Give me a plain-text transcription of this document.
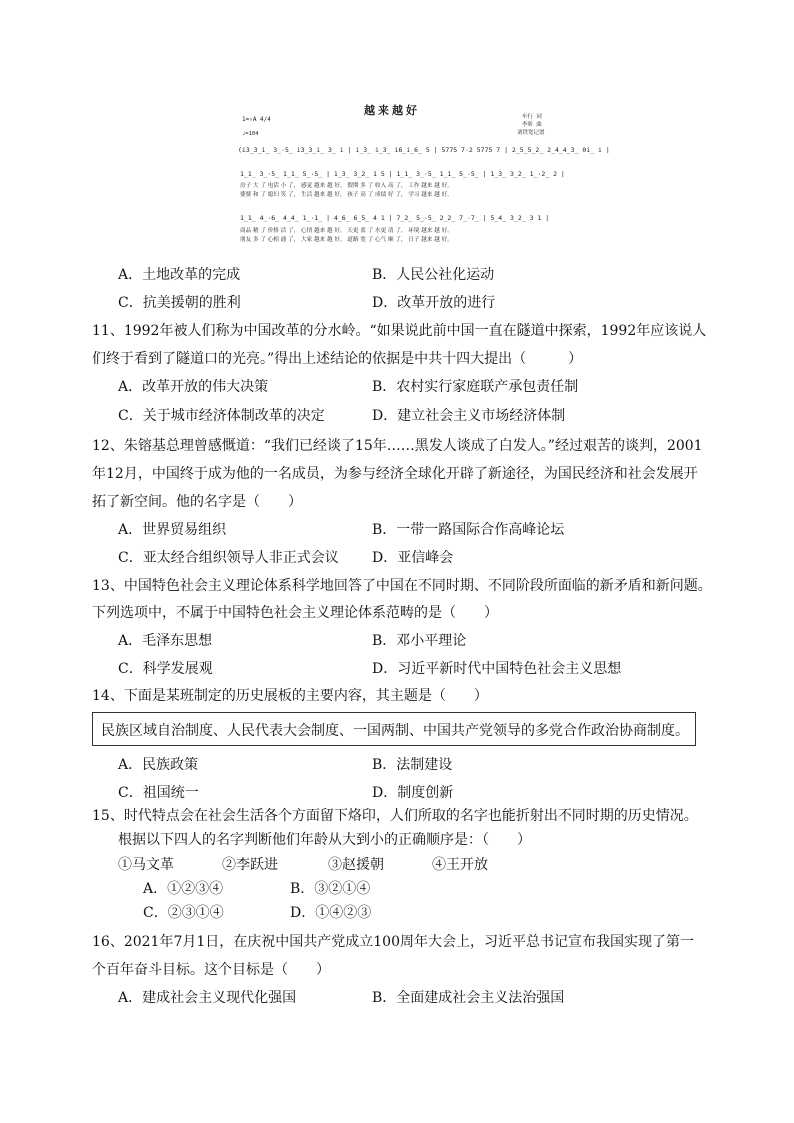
越来越好
1=♭A 4/4
♩=104
车行 词
李昕 曲
刘铁宽记谱
(i3̲3̲i̲ 3̲·5̲ i3̲3̲i̲ 3̲ i | i̲3̲ i̲3̲ i6̲i̲6̲ 5 | 5775 7·2 5775 7 | 2̲5̲5̲2̲ 2̲4̲4̲3̲ 0i̲ i |
1̲1̲ 3̲·5̲ 1̲1̲ 5̲·5̲ | 1̲3̲ 3̲2̲ 1 5 | 1̲1̲ 3̲·5̲ 1̲1̲ 5̲·5̲ | 1̲3̲ 3̲2̲ 1̲·2̲ 2 |
房子 大 了 电话 小 了， 感觉 越来 越 好。 假期 多 了 收入 高 了， 工作 越来 越 好。
婆婆 和 了 媳妇 笑 了， 生活 越来 越 好。 孩子 高 了 成绩 好 了， 学习 越来 越 好。
1̲1̲ 4̲·6̲ 4̲4̲ 1̲·1̲ | 4̲6̲ 6̲5̲ 4 1 | 7̲2̲ 5̲·5̲ 2̲2̲ 7̲·7̲ | 5̲4̲ 3̲2̲ 3 1 |
商品 精 了 价格 活 了， 心情 越来 越 好。 天更 蓝 了 水更 清 了， 环境 越来 越 好。
朋友 多 了 心相 通 了， 大家 越来 越 好。 道路 宽 了 心气 顺 了， 日子 越来 越 好。
A．土地改革的完成	B．人民公社化运动
C．抗美援朝的胜利	D．改革开放的进行
11、1992年被人们称为中国改革的分水岭。“如果说此前中国一直在隧道中探索，1992年应该说人
们终于看到了隧道口的光亮。”得出上述结论的依据是中共十四大提出（　　　）
A．改革开放的伟大决策	B．农村实行家庭联产承包责任制
C．关于城市经济体制改革的决定	D．建立社会主义市场经济体制
12、朱镕基总理曾感慨道：“我们已经谈了15年……黑发人谈成了白发人。”经过艰苦的谈判，2001
年12月，中国终于成为他的一名成员，为参与经济全球化开辟了新途径，为国民经济和社会发展开
拓了新空间。他的名字是（　　）
A．世界贸易组织	B．一带一路国际合作高峰论坛
C．亚太经合组织领导人非正式会议 D．亚信峰会
13、中国特色社会主义理论体系科学地回答了中国在不同时期、不同阶段所面临的新矛盾和新问题。
下列选项中，不属于中国特色社会主义理论体系范畴的是（　　）
A．毛泽东思想	B．邓小平理论
C．科学发展观	D．习近平新时代中国特色社会主义思想
14、下面是某班制定的历史展板的主要内容，其主题是（　　）
民族区域自治制度、人民代表大会制度、一国两制、中国共产党领导的多党合作政治协商制度。
A．民族政策	B．法制建设
C．祖国统一	D．制度创新
15、时代特点会在社会生活各个方面留下烙印，人们所取的名字也能折射出不同时期的历史情况。
根据以下四人的名字判断他们年龄从大到小的正确顺序是：（　　）
①马文革	②李跃进	③赵援朝	④王开放
A．①②③④	B．③②①④
C．②③①④	D．①④②③
16、2021年7月1日，在庆祝中国共产党成立100周年大会上，习近平总书记宣布我国实现了第一
个百年奋斗目标。这个目标是（　　）
A．建成社会主义现代化强国	B．全面建成社会主义法治强国
